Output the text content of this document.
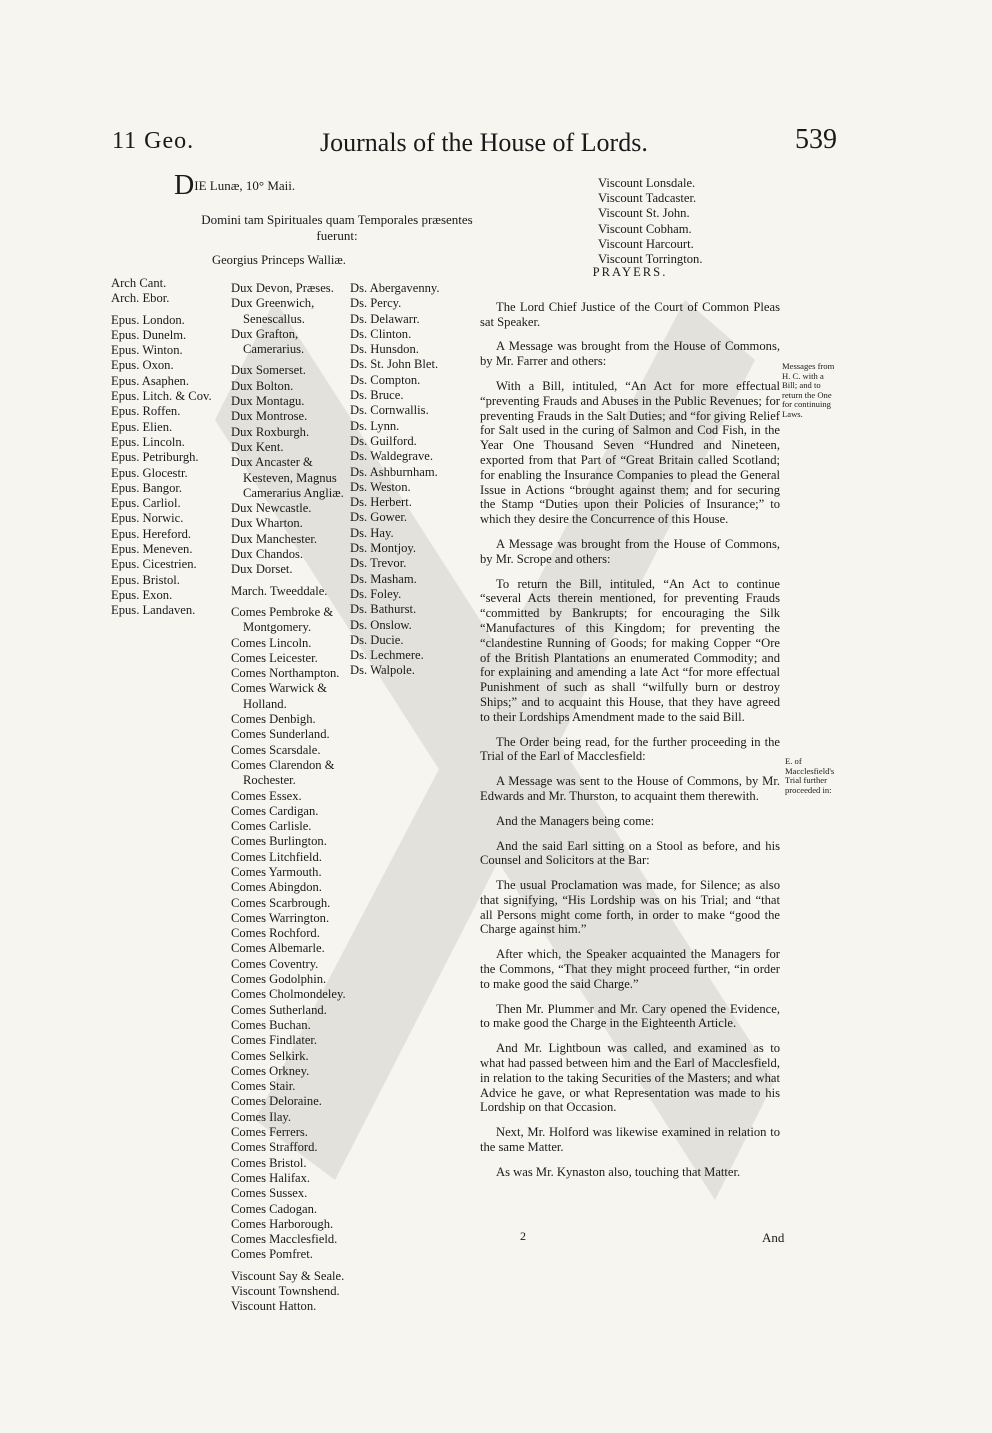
11 Geo.	Journals of the House of Lords.	539
DIE Lunæ, 10° Maii.
Domini tam Spirituales quam Temporales præsentes fuerunt:
Georgius Princeps Walliæ.
Arch Cant.
Arch. Ebor.
Epus. London.
Epus. Dunelm.
Epus. Winton.
Epus. Oxon.
Epus. Asaphen.
Epus. Litch. & Cov.
Epus. Roffen.
Epus. Elien.
Epus. Lincoln.
Epus. Petriburgh.
Epus. Glocestr.
Epus. Bangor.
Epus. Carliol.
Epus. Norwic.
Epus. Hereford.
Epus. Meneven.
Epus. Cicestrien.
Epus. Bristol.
Epus. Exon.
Epus. Landaven.
Dux Devon, Præses.
Dux Greenwich,
Senescallus.
Dux Grafton,
Camerarius.
Dux Somerset.
Dux Bolton.
Dux Montagu.
Dux Montrose.
Dux Roxburgh.
Dux Kent.
Dux Ancaster &
Kesteven, Magnus
Camerarius Angliæ.
Dux Newcastle.
Dux Wharton.
Dux Manchester.
Dux Chandos.
Dux Dorset.
March. Tweeddale.
Comes Pembroke &
Montgomery.
Comes Lincoln.
Comes Leicester.
Comes Northampton.
Comes Warwick &
Holland.
Comes Denbigh.
Comes Sunderland.
Comes Scarsdale.
Comes Clarendon &
Rochester.
Comes Essex.
Comes Cardigan.
Comes Carlisle.
Comes Burlington.
Comes Litchfield.
Comes Yarmouth.
Comes Abingdon.
Comes Scarbrough.
Comes Warrington.
Comes Rochford.
Comes Albemarle.
Comes Coventry.
Comes Godolphin.
Comes Cholmondeley.
Comes Sutherland.
Comes Buchan.
Comes Findlater.
Comes Selkirk.
Comes Orkney.
Comes Stair.
Comes Deloraine.
Comes Ilay.
Comes Ferrers.
Comes Strafford.
Comes Bristol.
Comes Halifax.
Comes Sussex.
Comes Cadogan.
Comes Harborough.
Comes Macclesfield.
Comes Pomfret.
Viscount Say & Seale.
Viscount Townshend.
Viscount Hatton.
Ds. Abergavenny.
Ds. Percy.
Ds. Delawarr.
Ds. Clinton.
Ds. Hunsdon.
Ds. St. John Blet.
Ds. Compton.
Ds. Bruce.
Ds. Cornwallis.
Ds. Lynn.
Ds. Guilford.
Ds. Waldegrave.
Ds. Ashburnham.
Ds. Weston.
Ds. Herbert.
Ds. Gower.
Ds. Hay.
Ds. Montjoy.
Ds. Trevor.
Ds. Masham.
Ds. Foley.
Ds. Bathurst.
Ds. Onslow.
Ds. Ducie.
Ds. Lechmere.
Ds. Walpole.
Viscount Lonsdale.
Viscount Tadcaster.
Viscount St. John.
Viscount Cobham.
Viscount Harcourt.
Viscount Torrington.

PRAYERS.

The Lord Chief Justice of the Court of Common Pleas sat Speaker.

A Message was brought from the House of Commons, by Mr. Farrer and others:

With a Bill, intituled, “An Act for more effectual “preventing Frauds and Abuses in the Public Revenues; for preventing Frauds in the Salt Duties; and “for giving Relief for Salt used in the curing of Salmon and Cod Fish, in the Year One Thousand Seven “Hundred and Nineteen, exported from that Part of “Great Britain called Scotland; for enabling the Insurance Companies to plead the General Issue in Actions “brought against them; and for securing the Stamp “Duties upon their Policies of Insurance;” to which they desire the Concurrence of this House.

A Message was brought from the House of Commons, by Mr. Scrope and others:

To return the Bill, intituled, “An Act to continue “several Acts therein mentioned, for preventing Frauds “committed by Bankrupts; for encouraging the Silk “Manufactures of this Kingdom; for preventing the “clandestine Running of Goods; for making Copper “Ore of the British Plantations an enumerated Commodity; and for explaining and amending a late Act “for more effectual Punishment of such as shall “wilfully burn or destroy Ships;” and to acquaint this House, that they have agreed to their Lordships Amendment made to the said Bill.

The Order being read, for the further proceeding in the Trial of the Earl of Macclesfield:

A Message was sent to the House of Commons, by Mr. Edwards and Mr. Thurston, to acquaint them therewith.

And the Managers being come:

And the said Earl sitting on a Stool as before, and his Counsel and Solicitors at the Bar:

The usual Proclamation was made, for Silence; as also that signifying, “His Lordship was on his Trial; and “that all Persons might come forth, in order to make “good the Charge against him.”

After which, the Speaker acquainted the Managers for the Commons, “That they might proceed further, “in order to make good the said Charge.”

Then Mr. Plummer and Mr. Cary opened the Evidence, to make good the Charge in the Eighteenth Article.

And Mr. Lightboun was called, and examined as to what had passed between him and the Earl of Macclesfield, in relation to the taking Securities of the Masters; and what Advice he gave, or what Representation was made to his Lordship on that Occasion.

Next, Mr. Holford was likewise examined in relation to the same Matter.

As was Mr. Kynaston also, touching that Matter.

Messages from H. C. with a Bill; and to return the One for continuing Laws.
E. of Macclesfield's Trial further proceeded in:
2	And
